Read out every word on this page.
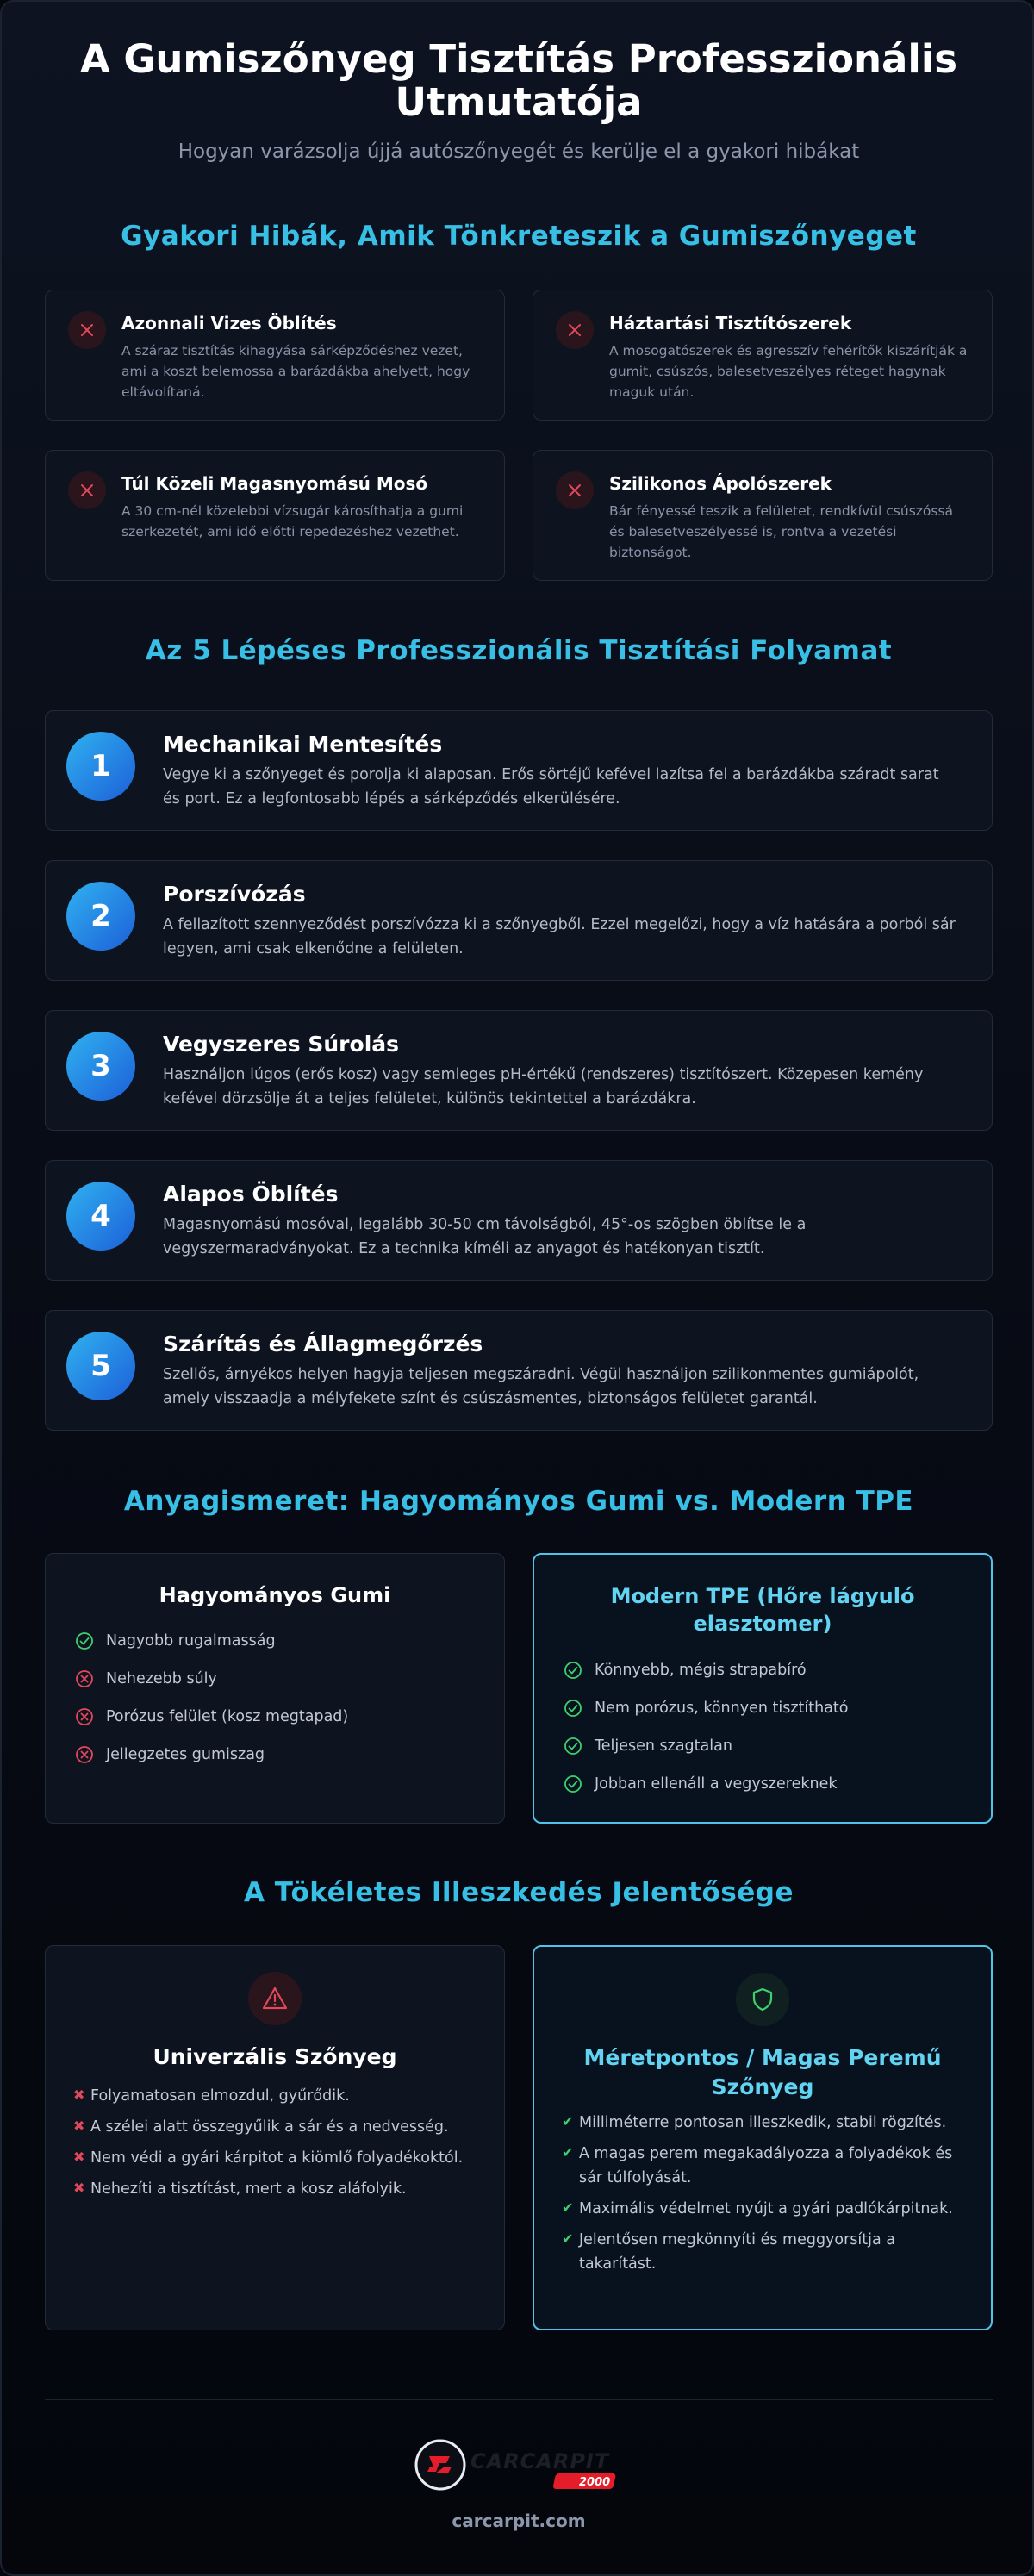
A Gumiszőnyeg Tisztítás Professzionális Utmutatója

Hogyan varázsolja újjá autószőnyegét és kerülje el a gyakori hibákat

Gyakori Hibák, Amik Tönkreteszik a Gumiszőnyeget
Azonnali Vizes Öblítés

A száraz tisztítás kihagyása sárképződéshez vezet, ami a koszt belemossa a barázdákba ahelyett, hogy eltávolítaná.

Háztartási Tisztítószerek

A mosogatószerek és agresszív fehérítők kiszárítják a gumit, csúszós, balesetveszélyes réteget hagynak maguk után.

Túl Közeli Magasnyomású Mosó

A 30 cm-nél közelebbi vízsugár károsíthatja a gumi szerkezetét, ami idő előtti repedezéshez vezethet.

Szilikonos Ápolószerek

Bár fényessé teszik a felületet, rendkívül csúszóssá és balesetveszélyessé is, rontva a vezetési biztonságot.

Az 5 Lépéses Professzionális Tisztítási Folyamat
1
Mechanikai Mentesítés

Vegye ki a szőnyeget és porolja ki alaposan. Erős sörtéjű kefével lazítsa fel a barázdákba száradt sarat és port. Ez a legfontosabb lépés a sárképződés elkerülésére.

2
Porszívózás

A fellazított szennyeződést porszívózza ki a szőnyegből. Ezzel megelőzi, hogy a víz hatására a porból sár legyen, ami csak elkenődne a felületen.

3
Vegyszeres Súrolás

Használjon lúgos (erős kosz) vagy semleges pH-értékű (rendszeres) tisztítószert. Közepesen kemény kefével dörzsölje át a teljes felületet, különös tekintettel a barázdákra.

4
Alapos Öblítés

Magasnyomású mosóval, legalább 30-50 cm távolságból, 45°-os szögben öblítse le a vegyszermaradványokat. Ez a technika kíméli az anyagot és hatékonyan tisztít.

5
Szárítás és Állagmegőrzés

Szellős, árnyékos helyen hagyja teljesen megszáradni. Végül használjon szilikonmentes gumiápolót, amely visszaadja a mélyfekete színt és csúszásmentes, biztonságos felületet garantál.

Anyagismeret: Hagyományos Gumi vs. Modern TPE
Hagyományos Gumi
Nagyobb rugalmasság
Nehezebb súly
Porózus felület (kosz megtapad)
Jellegzetes gumiszag
Modern TPE (Hőre lágyuló elasztomer)
Könnyebb, mégis strapabíró
Nem porózus, könnyen tisztítható
Teljesen szagtalan
Jobban ellenáll a vegyszereknek
A Tökéletes Illeszkedés Jelentősége
Univerzális Szőnyeg
✖ Folyamatosan elmozdul, gyűrődik.
✖ A szélei alatt összegyűlik a sár és a nedvesség.
✖ Nem védi a gyári kárpitot a kiömlő folyadékoktól.
✖ Nehezíti a tisztítást, mert a kosz aláfolyik.
Méretpontos / Magas Peremű Szőnyeg
✔ Milliméterre pontosan illeszkedik, stabil rögzítés.
✔ A magas perem megakadályozza a folyadékok és sár túlfolyását.
✔ Maximális védelmet nyújt a gyári padlókárpitnak.
✔ Jelentősen megkönnyíti és meggyorsítja a takarítást.
CARCARPIT
2000
carcarpit.com
